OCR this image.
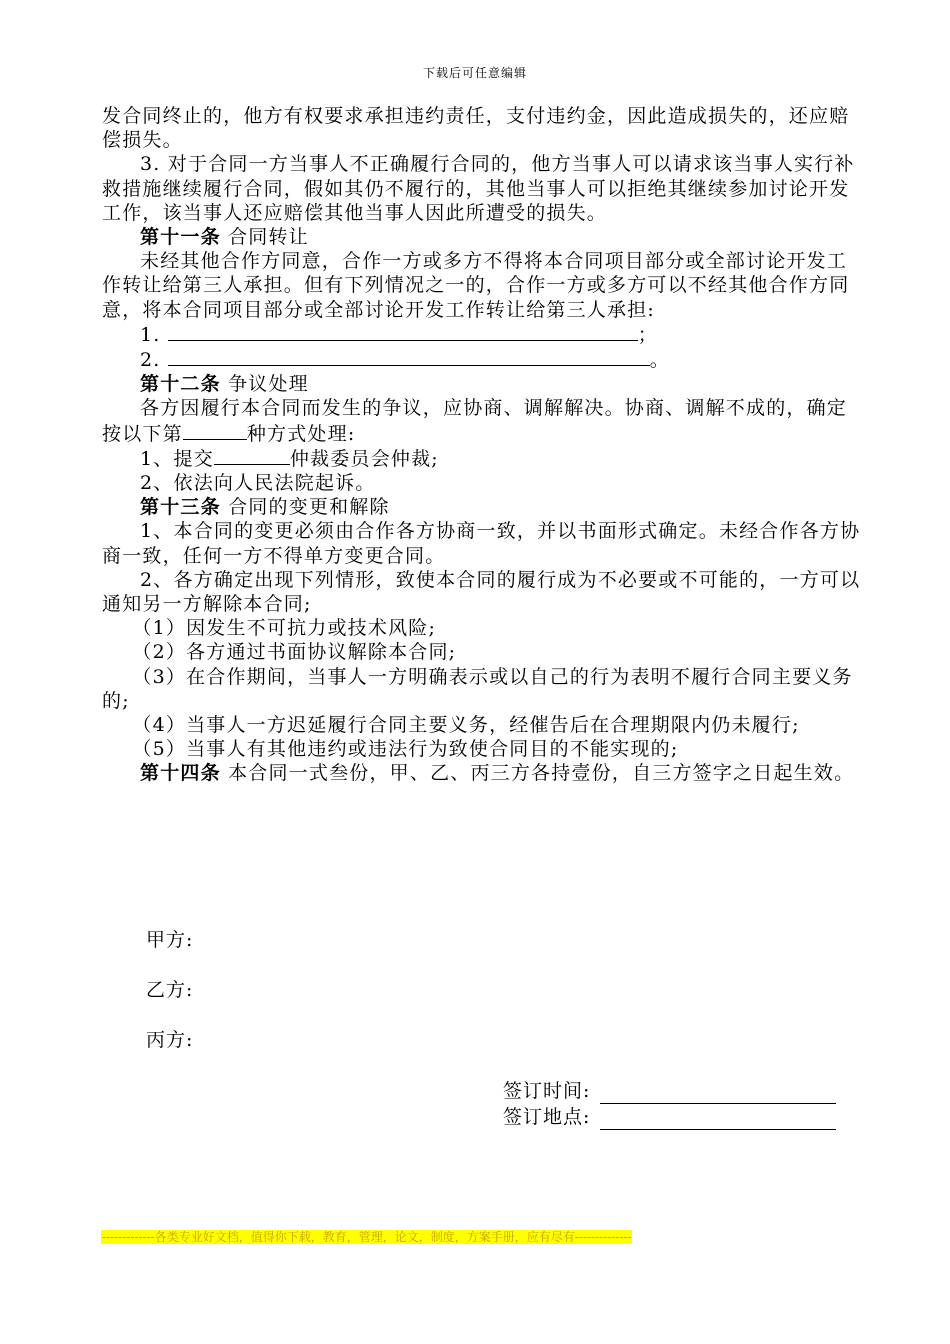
下载后可任意编辑

发合同终止的，他方有权要求承担违约责任，支付违约金，因此造成损失的，还应赔偿损失。

3. 对于合同一方当事人不正确履行合同的，他方当事人可以请求该当事人实行补救措施继续履行合同，假如其仍不履行的，其他当事人可以拒绝其继续参加讨论开发工作，该当事人还应赔偿其他当事人因此所遭受的损失。

第十一条 合同转让

未经其他合作方同意，合作一方或多方不得将本合同项目部分或全部讨论开发工作转让给第三人承担。但有下列情况之一的，合作一方或多方可以不经其他合作方同意，将本合同项目部分或全部讨论开发工作转让给第三人承担:

1.	；

2.	。

第十二条 争议处理

各方因履行本合同而发生的争议，应协商、调解解决。协商、调解不成的，确定按以下第	种方式处理:

1、提交	仲裁委员会仲裁;

2、依法向人民法院起诉。

第十三条 合同的变更和解除

1、本合同的变更必须由合作各方协商一致，并以书面形式确定。未经合作各方协商一致，任何一方不得单方变更合同。

2、各方确定出现下列情形，致使本合同的履行成为不必要或不可能的，一方可以通知另一方解除本合同;

（1）因发生不可抗力或技术风险;

（2）各方通过书面协议解除本合同;

（3）在合作期间，当事人一方明确表示或以自己的行为表明不履行合同主要义务的;

（4）当事人一方迟延履行合同主要义务，经催告后在合理期限内仍未履行;

（5）当事人有其他违约或违法行为致使合同目的不能实现的;

第十四条 本合同一式叁份，甲、乙、丙三方各持壹份，自三方签字之日起生效。

甲方:
乙方:
丙方:
签订时间:
签订地点:
-------------各类专业好文档，值得你下载，教育，管理，论文，制度，方案手册，应有尽有--------------
